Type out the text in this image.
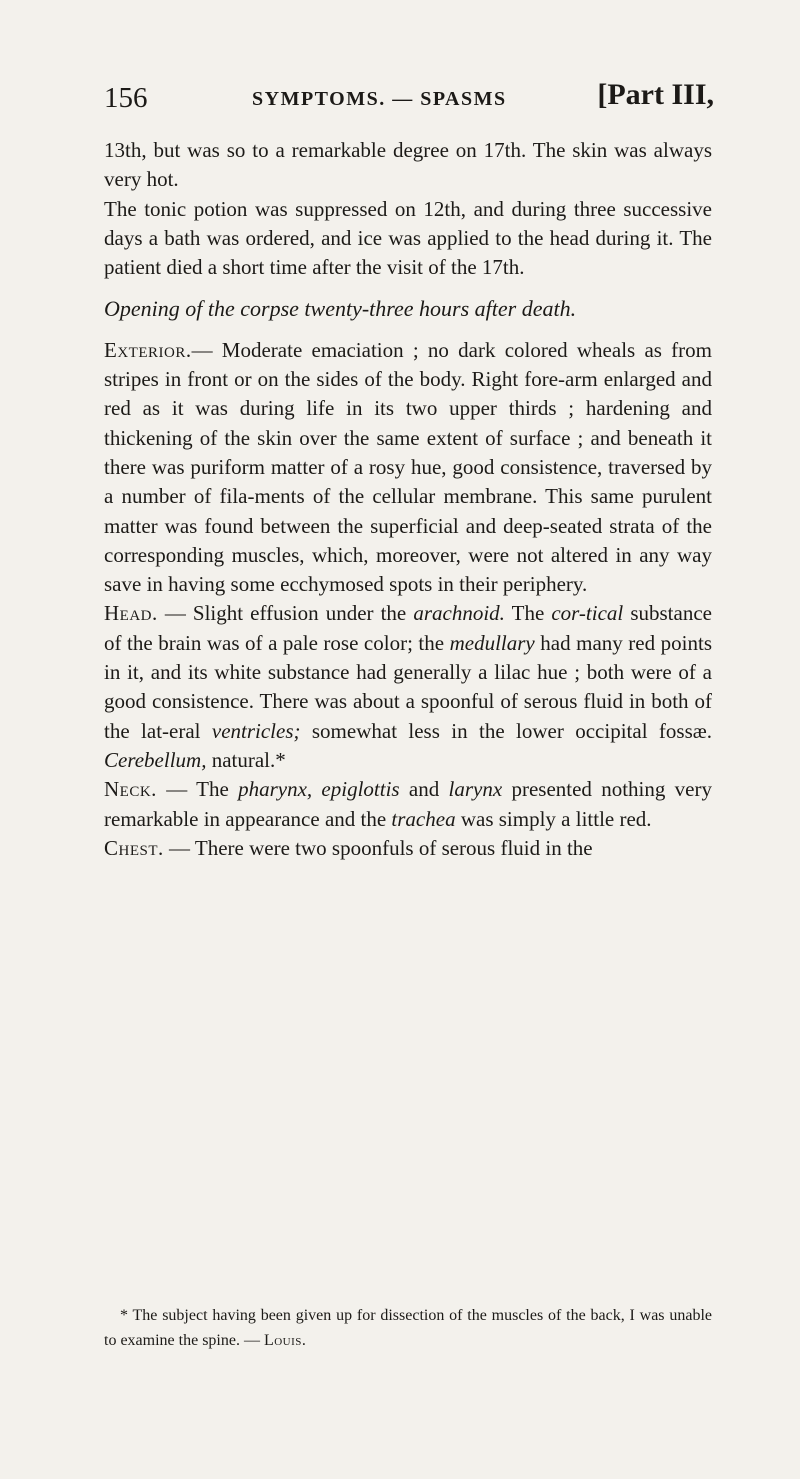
156	SYMPTOMS. — SPASMS	[Part III,

13th, but was so to a remarkable degree on 17th. The skin was always very hot.

The tonic potion was suppressed on 12th, and during three successive days a bath was ordered, and ice was applied to the head during it. The patient died a short time after the visit of the 17th.

Opening of the corpse twenty-three hours after death.

Exterior.— Moderate emaciation ; no dark colored wheals as from stripes in front or on the sides of the body. Right fore-arm enlarged and red as it was during life in its two upper thirds ; hardening and thickening of the skin over the same extent of surface ; and beneath it there was puriform matter of a rosy hue, good consistence, traversed by a number of fila-ments of the cellular membrane. This same purulent matter was found between the superficial and deep-seated strata of the corresponding muscles, which, moreover, were not altered in any way save in having some ecchymosed spots in their periphery.

Head. — Slight effusion under the arachnoid. The cor-tical substance of the brain was of a pale rose color; the medullary had many red points in it, and its white substance had generally a lilac hue ; both were of a good consistence. There was about a spoonful of serous fluid in both of the lat-eral ventricles; somewhat less in the lower occipital fossæ. Cerebellum, natural.*

Neck. — The pharynx, epiglottis and larynx presented nothing very remarkable in appearance and the trachea was simply a little red.

Chest. — There were two spoonfuls of serous fluid in the

* The subject having been given up for dissection of the muscles of the back, I was unable to examine the spine. — Louis.
